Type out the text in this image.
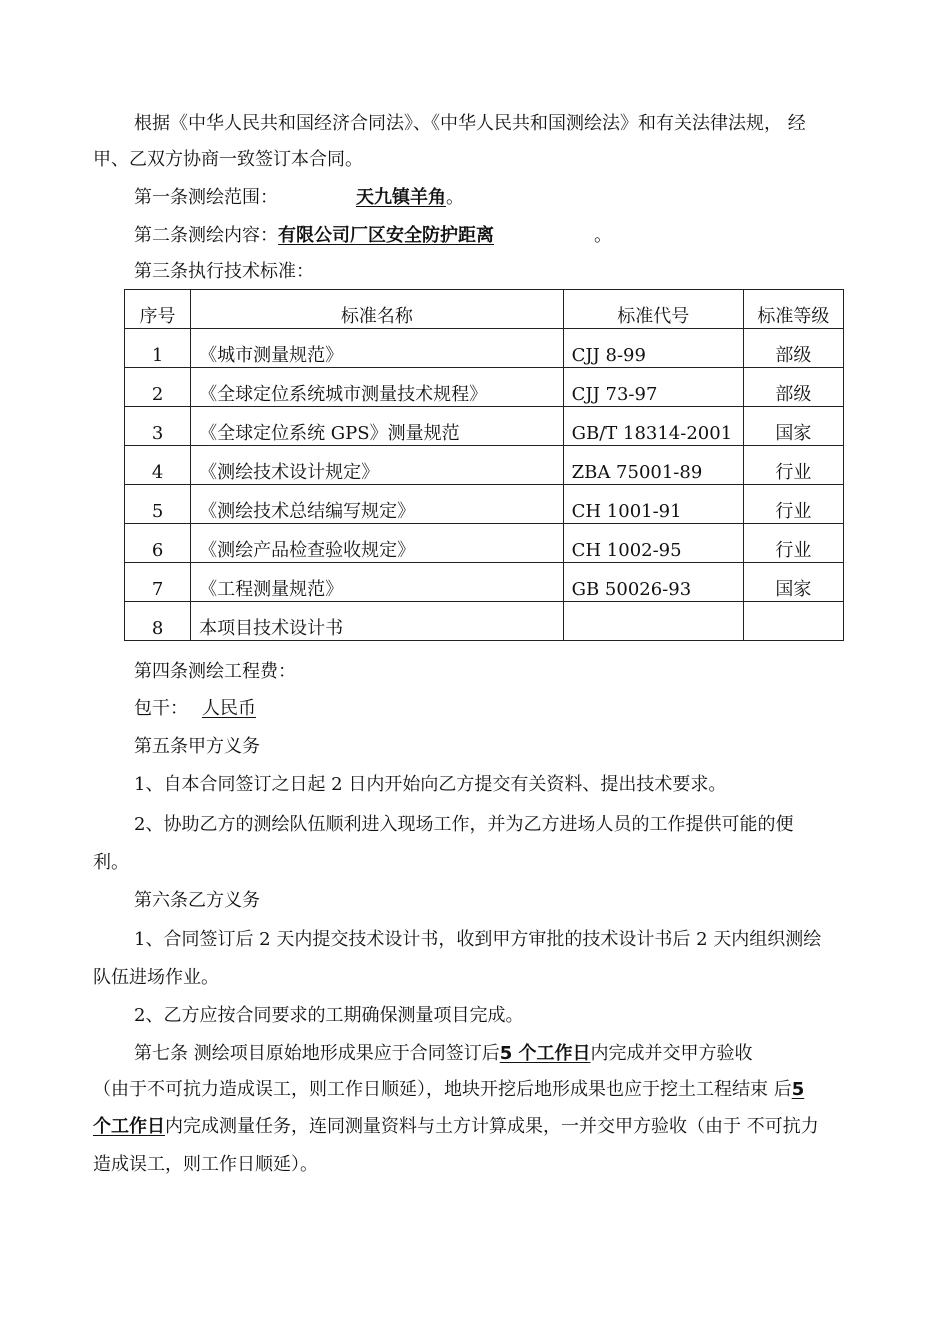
根据《中华人民共和国经济合同法》、《中华人民共和国测绘法》和有关法律法规， 经
甲、乙双方协商一致签订本合同。
第一条测绘范围：	天九镇羊角。
第二条测绘内容：有限公司厂区安全防护距离	。
第三条执行技术标准：
序号	标准名称	标准代号	标准等级
1	《城市测量规范》	CJJ 8-99	部级
2	《全球定位系统城市测量技术规程》	CJJ 73-97	部级
3	《全球定位系统 GPS》测量规范	GB/T 18314-2001	国家
4	《测绘技术设计规定》	ZBA 75001-89	行业
5	《测绘技术总结编写规定》	CH 1001-91	行业
6	《测绘产品检查验收规定》	CH 1002-95	行业
7	《工程测量规范》	GB 50026-93	国家
8	本项目技术设计书		
第四条测绘工程费：
包干： 人民币
第五条甲方义务
1、自本合同签订之日起 2 日内开始向乙方提交有关资料、提出技术要求。
2、协助乙方的测绘队伍顺利进入现场工作，并为乙方进场人员的工作提供可能的便
利。
第六条乙方义务
1、合同签订后 2 天内提交技术设计书，收到甲方审批的技术设计书后 2 天内组织测绘
队伍进场作业。
2、乙方应按合同要求的工期确保测量项目完成。
第七条 测绘项目原始地形成果应于合同签订后5 个工作日内完成并交甲方验收
（由于不可抗力造成误工，则工作日顺延），地块开挖后地形成果也应于挖土工程结束 后5
个工作日内完成测量任务，连同测量资料与土方计算成果，一并交甲方验收（由于 不可抗力
造成误工，则工作日顺延）。
